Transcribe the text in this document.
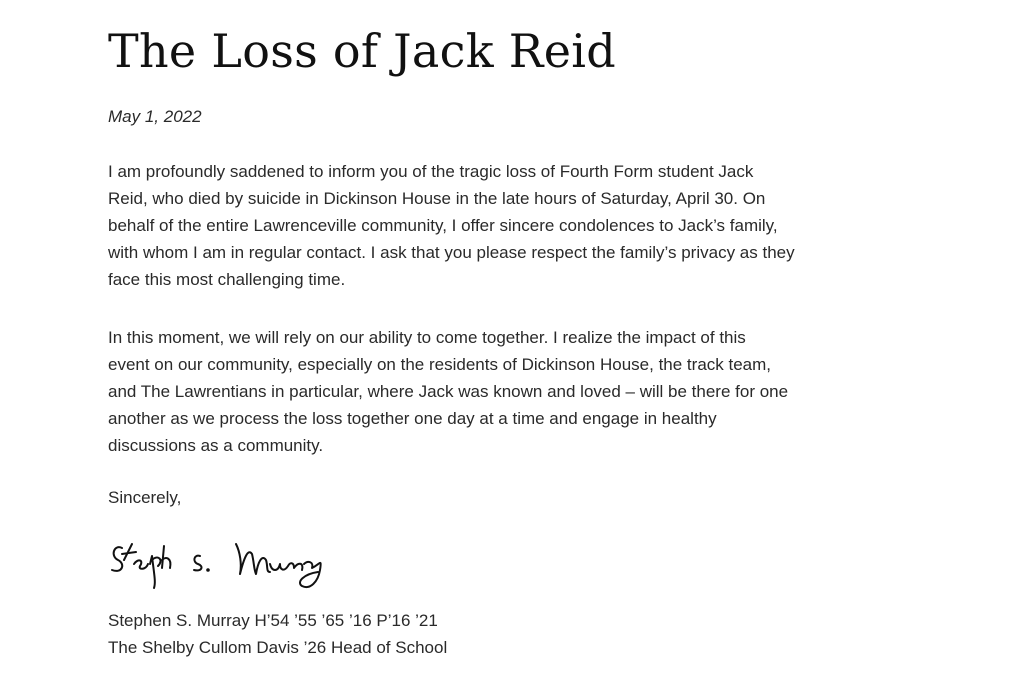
The Loss of Jack Reid

May 1, 2022

I am profoundly saddened to inform you of the tragic loss of Fourth Form student Jack
Reid, who died by suicide in Dickinson House in the late hours of Saturday, April 30. On
behalf of the entire Lawrenceville community, I offer sincere condolences to Jack’s family,
with whom I am in regular contact. I ask that you please respect the family’s privacy as they
face this most challenging time.

In this moment, we will rely on our ability to come together. I realize the impact of this
event on our community, especially on the residents of Dickinson House, the track team,
and The Lawrentians in particular, where Jack was known and loved – will be there for one
another as we process the loss together one day at a time and engage in healthy
discussions as a community.

Sincerely,

Stephen S. Murray H’54 ’55 ’65 ’16 P’16 ’21
The Shelby Cullom Davis ’26 Head of School
